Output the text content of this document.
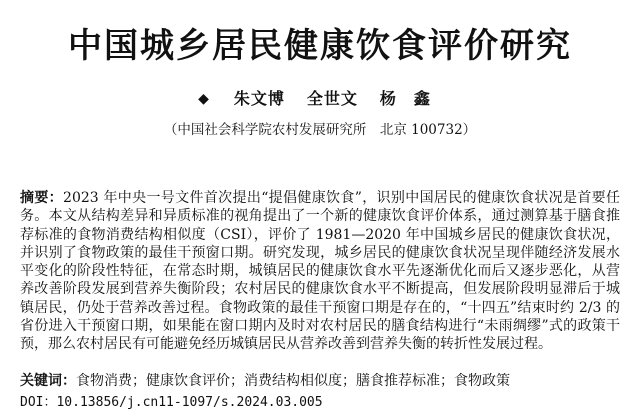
中国城乡居民健康饮食评价研究
◆ 朱文博 全世文 杨　鑫
（中国社会科学院农村发展研究所　北京 100732）
摘要：2023 年中央一号文件首次提出“提倡健康饮食”，识别中国居民的健康饮食状况是首要任务。本文从结构差异和异质标准的视角提出了一个新的健康饮食评价体系，通过测算基于膳食推荐标准的食物消费结构相似度（CSI），评价了 1981—2020 年中国城乡居民的健康饮食状况，并识别了食物政策的最佳干预窗口期。研究发现，城乡居民的健康饮食状况呈现伴随经济发展水平变化的阶段性特征，在常态时期，城镇居民的健康饮食水平先逐渐优化而后又逐步恶化，从营养改善阶段发展到营养失衡阶段；农村居民的健康饮食水平不断提高，但发展阶段明显滞后于城镇居民，仍处于营养改善过程。食物政策的最佳干预窗口期是存在的，“十四五”结束时约 2/3 的省份进入干预窗口期，如果能在窗口期内及时对农村居民的膳食结构进行“未雨绸缪”式的政策干预，那么农村居民有可能避免经历城镇居民从营养改善到营养失衡的转折性发展过程。
关键词：食物消费；健康饮食评价；消费结构相似度；膳食推荐标准；食物政策
DOI：10.13856/j.cn11-1097/s.2024.03.005
